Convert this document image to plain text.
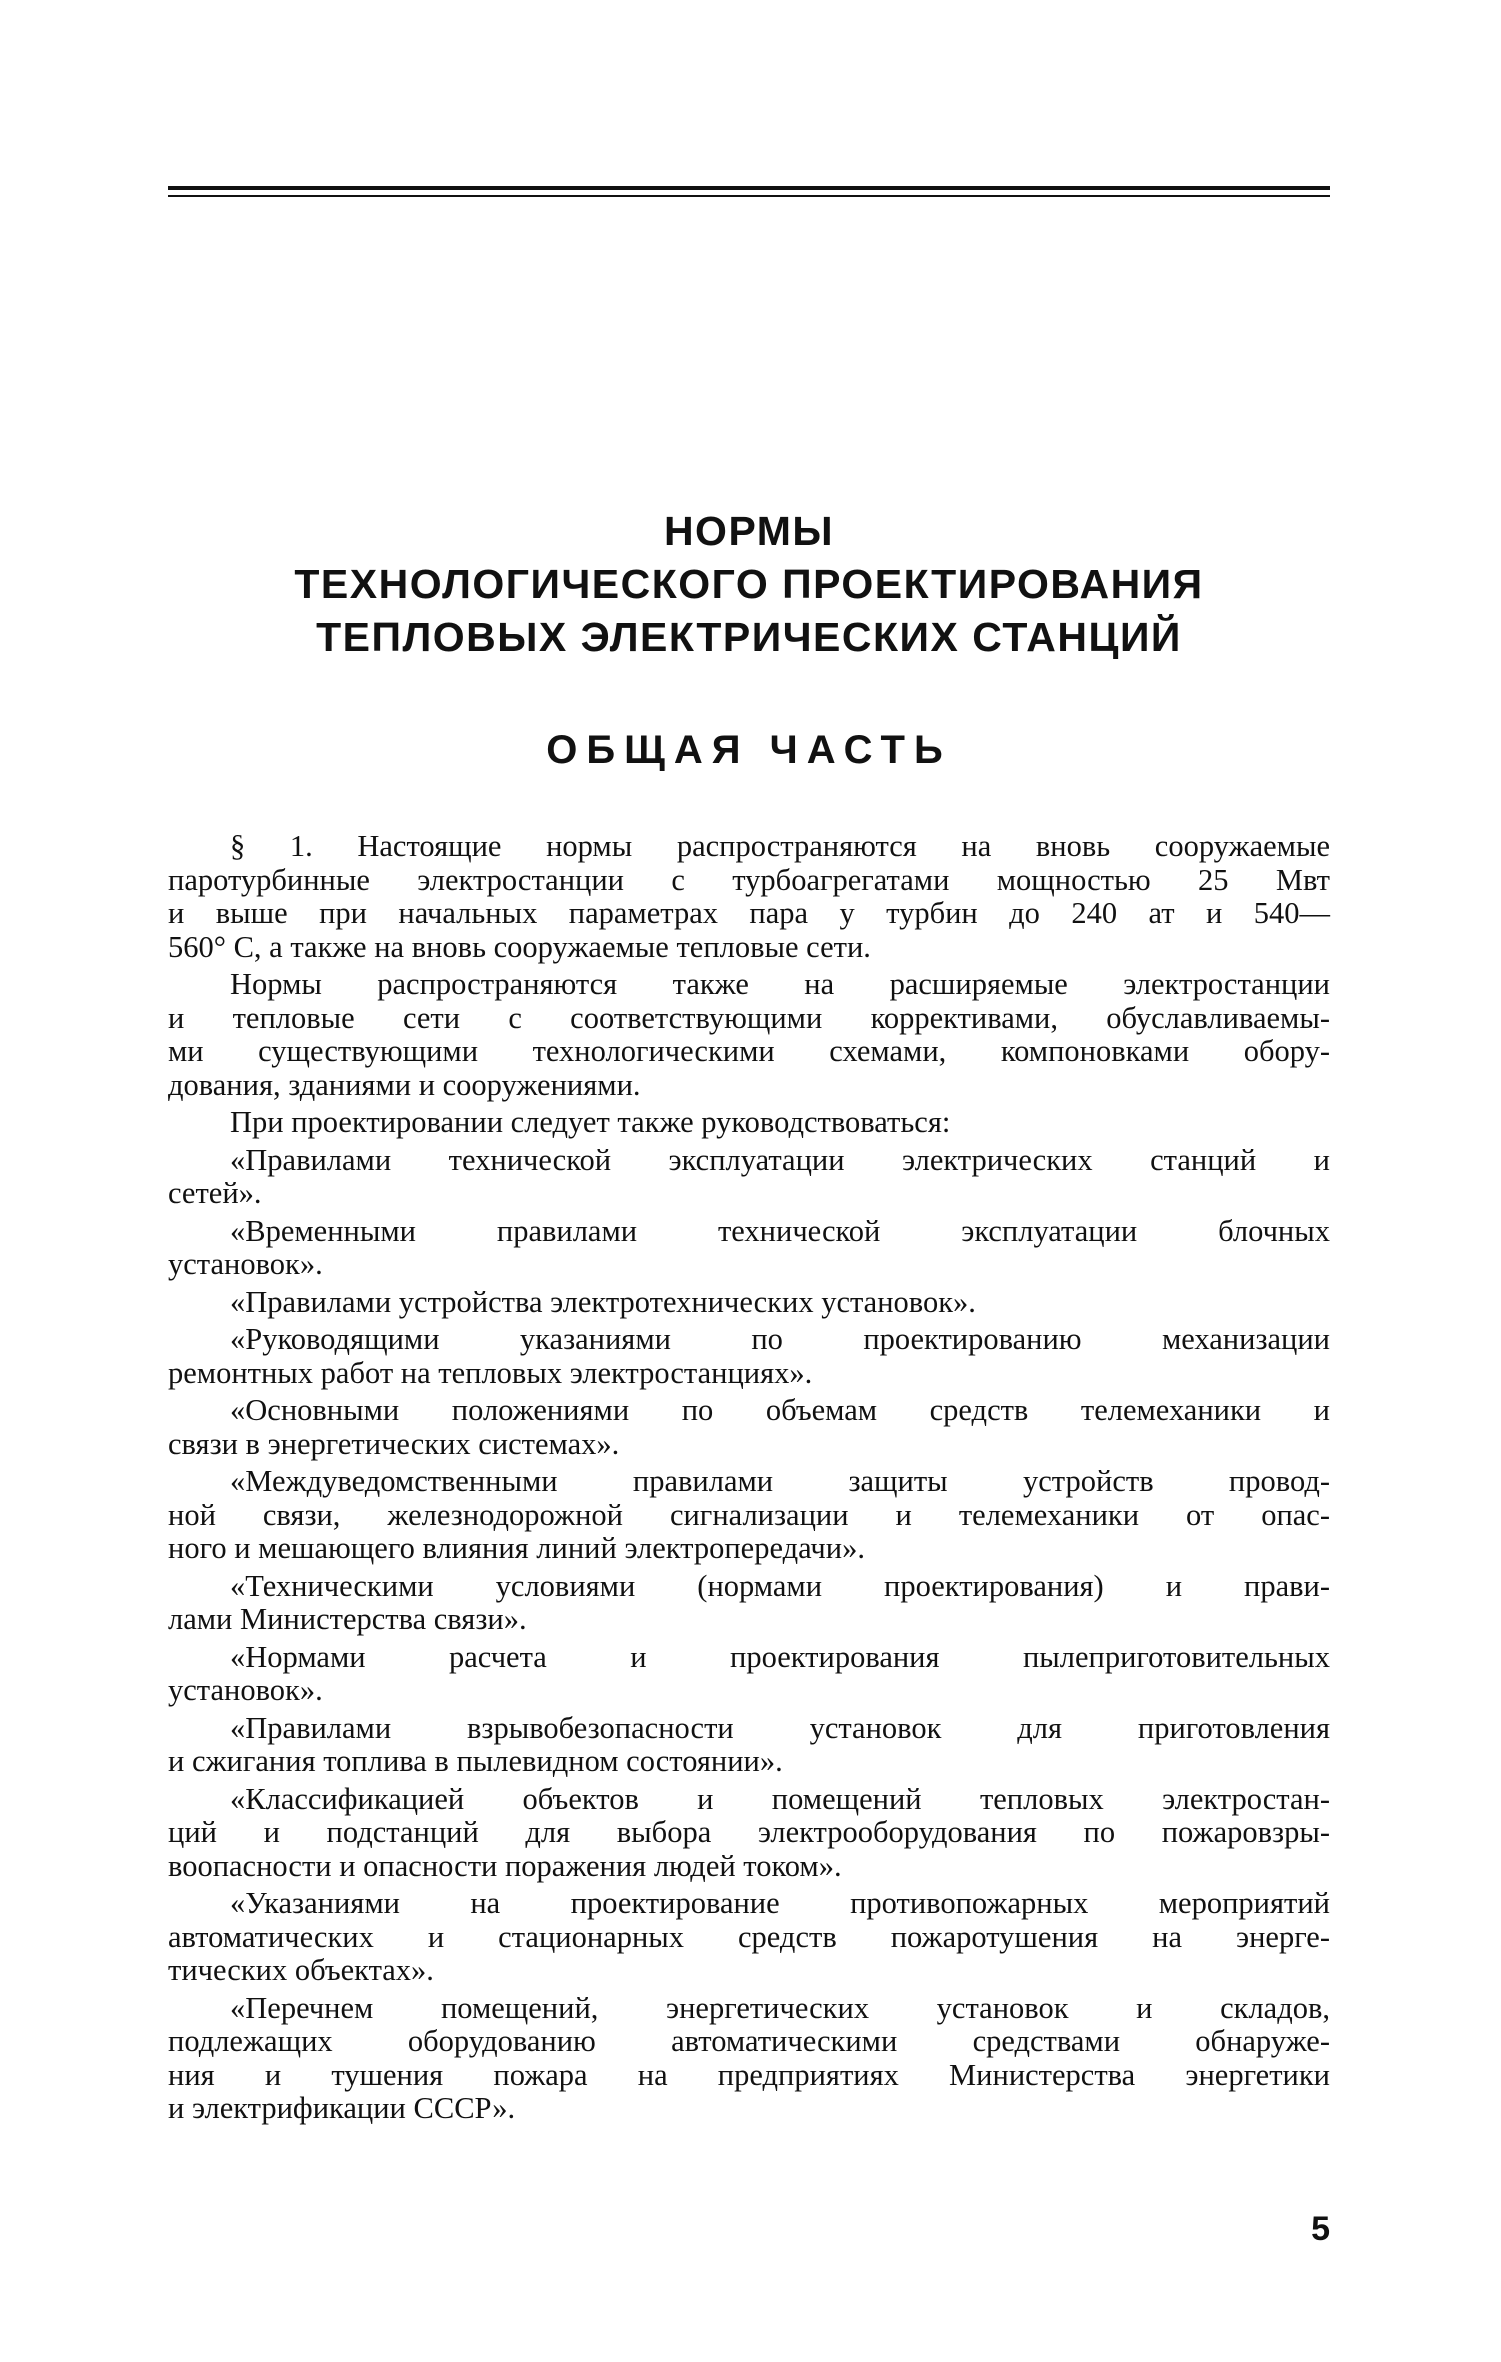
НОРМЫ
ТЕХНОЛОГИЧЕСКОГО ПРОЕКТИРОВАНИЯ
ТЕПЛОВЫХ ЭЛЕКТРИЧЕСКИХ СТАНЦИЙ
ОБЩАЯ ЧАСТЬ
§ 1. Настоящие нормы распространяются на вновь сооружаемые
паротурбинные электростанции с турбоагрегатами мощностью 25 Мвт
и выше при начальных параметрах пара у турбин до 240 ат и 540—
560° С, а также на вновь сооружаемые тепловые сети.
Нормы распространяются также на расширяемые электростанции
и тепловые сети с соответствующими коррективами, обуславливаемы-
ми существующими технологическими схемами, компоновками обору-
дования, зданиями и сооружениями.
При проектировании следует также руководствоваться:
«Правилами технической эксплуатации электрических станций и
сетей».
«Временными правилами технической эксплуатации блочных
установок».
«Правилами устройства электротехнических установок».
«Руководящими указаниями по проектированию механизации
ремонтных работ на тепловых электростанциях».
«Основными положениями по объемам средств телемеханики и
связи в энергетических системах».
«Междуведомственными правилами защиты устройств провод-
ной связи, железнодорожной сигнализации и телемеханики от опас-
ного и мешающего влияния линий электропередачи».
«Техническими условиями (нормами проектирования) и прави-
лами Министерства связи».
«Нормами расчета и проектирования пылеприготовительных
установок».
«Правилами взрывобезопасности установок для приготовления
и сжигания топлива в пылевидном состоянии».
«Классификацией объектов и помещений тепловых электростан-
ций и подстанций для выбора электрооборудования по пожаровзры-
воопасности и опасности поражения людей током».
«Указаниями на проектирование противопожарных мероприятий
автоматических и стационарных средств пожаротушения на энерге-
тических объектах».
«Перечнем помещений, энергетических установок и складов,
подлежащих оборудованию автоматическими средствами обнаруже-
ния и тушения пожара на предприятиях Министерства энергетики
и электрификации СССР».
5
